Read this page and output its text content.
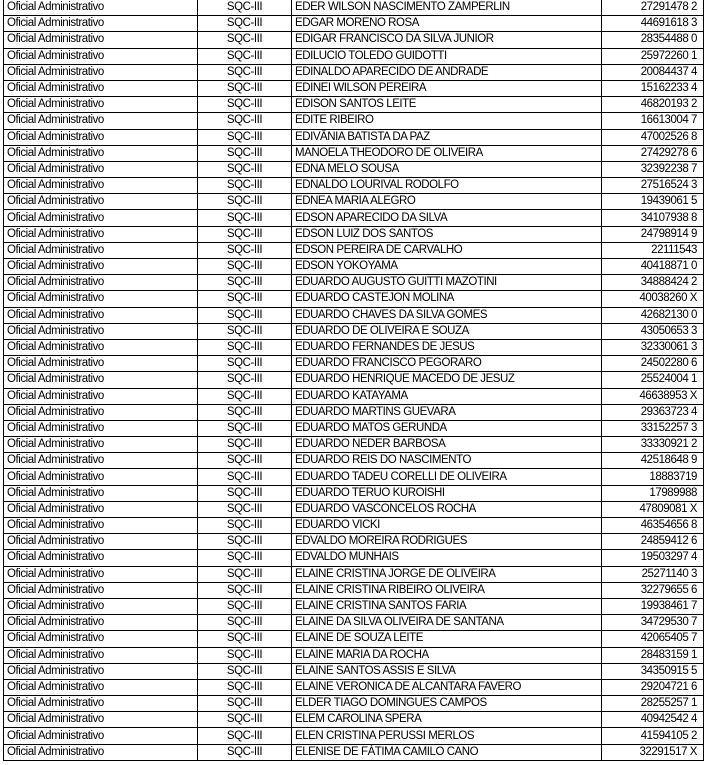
Oficial Administrativo	SQC-III	EDER WILSON NASCIMENTO ZAMPERLIN	27291478 2
Oficial Administrativo	SQC-III	EDGAR MORENO ROSA	44691618 3
Oficial Administrativo	SQC-III	EDIGAR FRANCISCO DA SILVA JUNIOR	28354488 0
Oficial Administrativo	SQC-III	EDILUCIO TOLEDO GUIDOTTI	25972260 1
Oficial Administrativo	SQC-III	EDINALDO APARECIDO DE ANDRADE	20084437 4
Oficial Administrativo	SQC-III	EDINEI WILSON PEREIRA	15162233 4
Oficial Administrativo	SQC-III	EDISON SANTOS LEITE	46820193 2
Oficial Administrativo	SQC-III	EDITE RIBEIRO	16613004 7
Oficial Administrativo	SQC-III	EDIVÂNIA BATISTA DA PAZ	47002526 8
Oficial Administrativo	SQC-III	MANOELA THEODORO DE OLIVEIRA	27429278 6
Oficial Administrativo	SQC-III	EDNA MELO SOUSA	32392238 7
Oficial Administrativo	SQC-III	EDNALDO LOURIVAL RODOLFO	27516524 3
Oficial Administrativo	SQC-III	EDNEA MARIA ALEGRO	19439061 5
Oficial Administrativo	SQC-III	EDSON APARECIDO DA SILVA	34107938 8
Oficial Administrativo	SQC-III	EDSON LUIZ DOS SANTOS	24798914 9
Oficial Administrativo	SQC-III	EDSON PEREIRA DE CARVALHO	22111543
Oficial Administrativo	SQC-III	EDSON YOKOYAMA	40418871 0
Oficial Administrativo	SQC-III	EDUARDO AUGUSTO GUITTI MAZOTINI	34888424 2
Oficial Administrativo	SQC-III	EDUARDO CASTEJON MOLINA	40038260 X
Oficial Administrativo	SQC-III	EDUARDO CHAVES DA SILVA GOMES	42682130 0
Oficial Administrativo	SQC-III	EDUARDO DE OLIVEIRA E SOUZA	43050653 3
Oficial Administrativo	SQC-III	EDUARDO FERNANDES DE JESUS	32330061 3
Oficial Administrativo	SQC-III	EDUARDO FRANCISCO PEGORARO	24502280 6
Oficial Administrativo	SQC-III	EDUARDO HENRIQUE MACEDO DE JESUZ	25524004 1
Oficial Administrativo	SQC-III	EDUARDO KATAYAMA	46638953 X
Oficial Administrativo	SQC-III	EDUARDO MARTINS GUEVARA	29363723 4
Oficial Administrativo	SQC-III	EDUARDO MATOS GERUNDA	33152257 3
Oficial Administrativo	SQC-III	EDUARDO NEDER BARBOSA	33330921 2
Oficial Administrativo	SQC-III	EDUARDO REIS DO NASCIMENTO	42518648 9
Oficial Administrativo	SQC-III	EDUARDO TADEU CORELLI DE OLIVEIRA	18883719
Oficial Administrativo	SQC-III	EDUARDO TERUO KUROISHI	17989988
Oficial Administrativo	SQC-III	EDUARDO VASCONCELOS ROCHA	47809081 X
Oficial Administrativo	SQC-III	EDUARDO VICKI	46354656 8
Oficial Administrativo	SQC-III	EDVALDO MOREIRA RODRIGUES	24859412 6
Oficial Administrativo	SQC-III	EDVALDO MUNHAIS	19503297 4
Oficial Administrativo	SQC-III	ELAINE CRISTINA JORGE DE OLIVEIRA	25271140 3
Oficial Administrativo	SQC-III	ELAINE CRISTINA RIBEIRO OLIVEIRA	32279655 6
Oficial Administrativo	SQC-III	ELAINE CRISTINA SANTOS FARIA	19938461 7
Oficial Administrativo	SQC-III	ELAINE DA SILVA OLIVEIRA DE SANTANA	34729530 7
Oficial Administrativo	SQC-III	ELAINE DE SOUZA LEITE	42065405 7
Oficial Administrativo	SQC-III	ELAINE MARIA DA ROCHA	28483159 1
Oficial Administrativo	SQC-III	ELAINE SANTOS ASSIS E SILVA	34350915 5
Oficial Administrativo	SQC-III	ELAINE VERONICA DE ALCANTARA FAVERO	29204721 6
Oficial Administrativo	SQC-III	ELDER TIAGO DOMINGUES CAMPOS	28255257 1
Oficial Administrativo	SQC-III	ELEM CAROLINA SPERA	40942542 4
Oficial Administrativo	SQC-III	ELEN CRISTINA PERUSSI MERLOS	41594105 2
Oficial Administrativo	SQC-III	ELENISE DE FÁTIMA CAMILO CANO	32291517 X
